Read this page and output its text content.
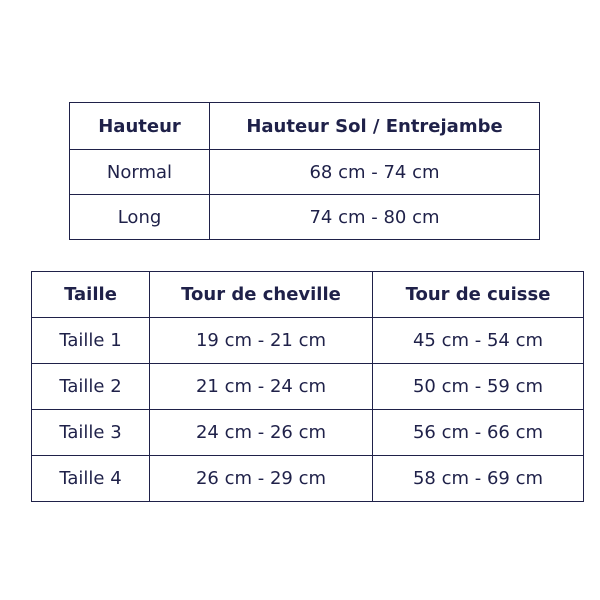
Hauteur	Hauteur Sol / Entrejambe
Normal	68 cm - 74 cm
Long	74 cm - 80 cm
Taille	Tour de cheville	Tour de cuisse
Taille 1	19 cm - 21 cm	45 cm - 54 cm
Taille 2	21 cm - 24 cm	50 cm - 59 cm
Taille 3	24 cm - 26 cm	56 cm - 66 cm
Taille 4	26 cm - 29 cm	58 cm - 69 cm
